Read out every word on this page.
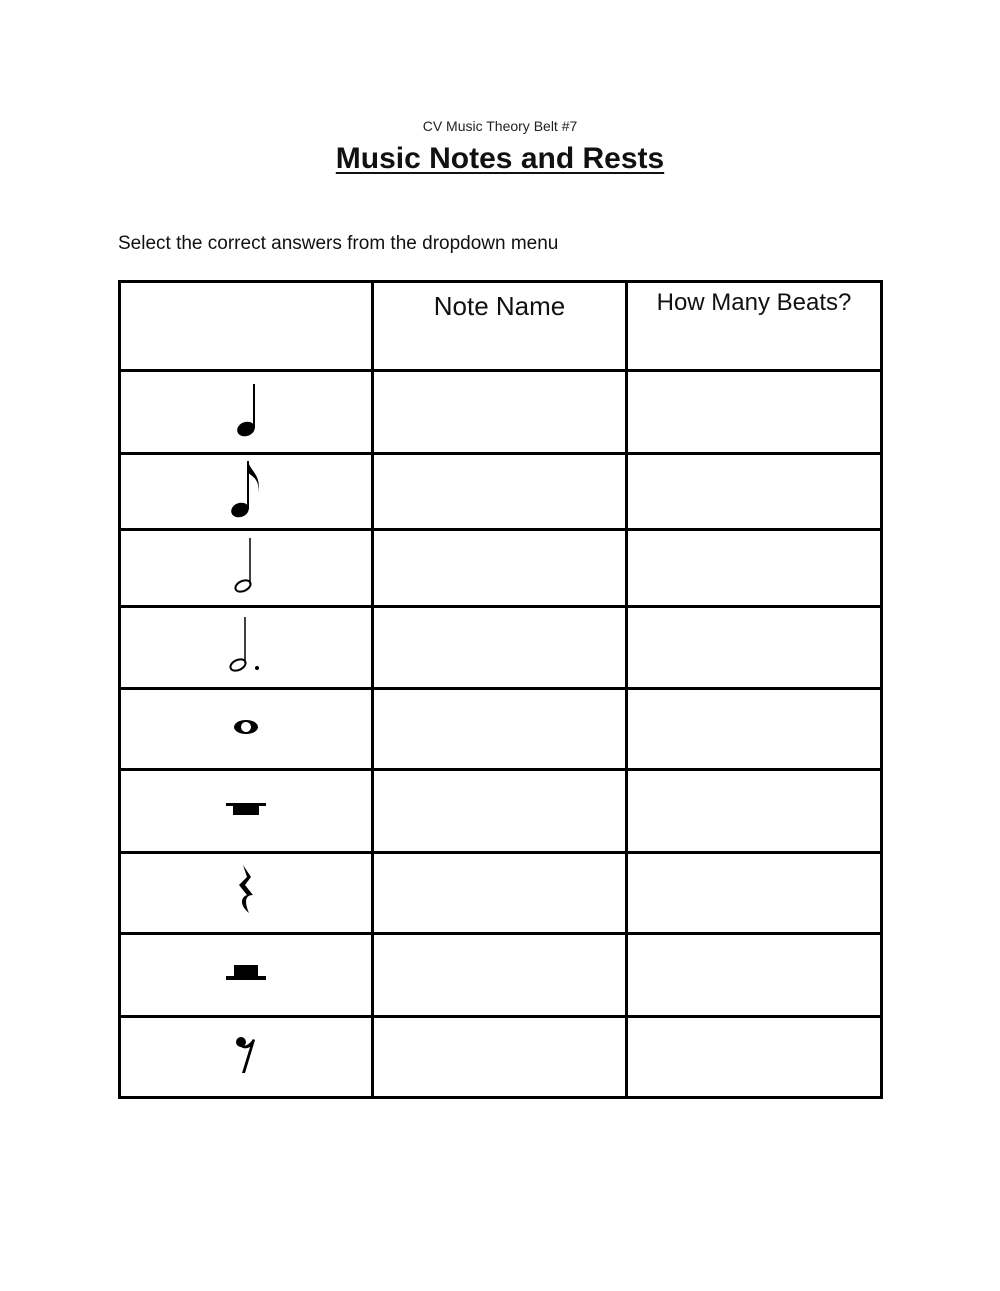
CV Music Theory Belt #7
Music Notes and Rests
Select the correct answers from the dropdown menu
	Note Name	How Many Beats?
